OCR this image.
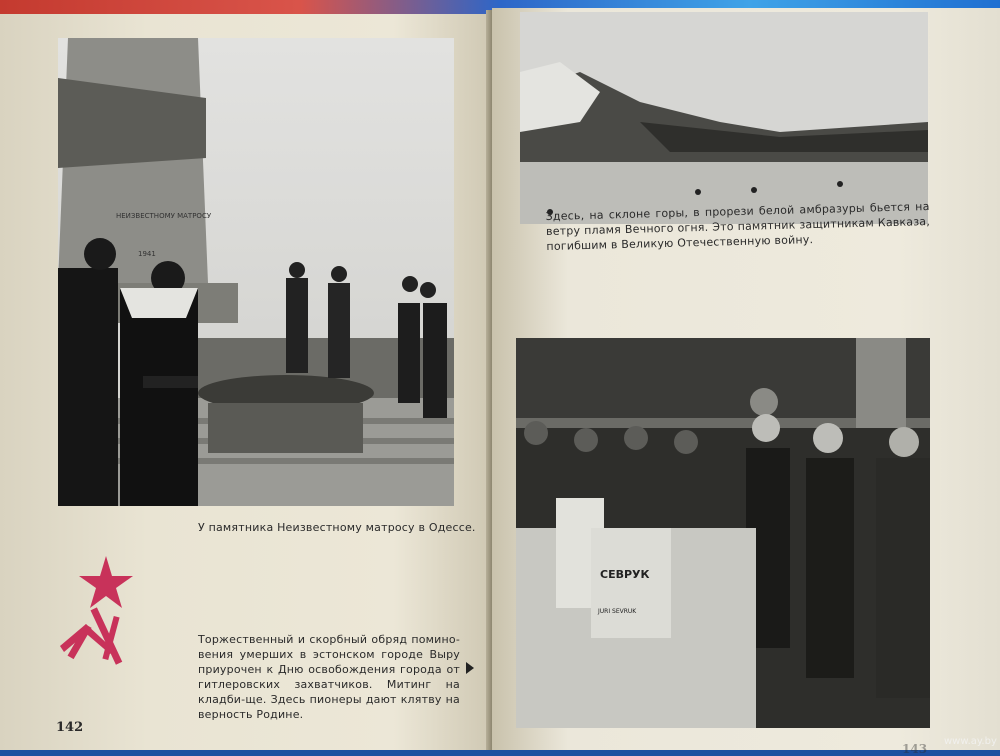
НЕИЗВЕСТНОМУ МАТРОСУ
1941
У памятника Неизвестному матросу в Одессе.
Торжественный и скорбный обряд помино-вения умерших в эстонском городе Выру приурочен к Дню освобождения города от гитлеровских захватчиков. Митинг на кладби-ще. Здесь пионеры дают клятву на верность Родине.
142
Здесь, на склоне горы, в прорези белой амбразуры бьется на ветру пламя Вечного огня. Это памятник защитникам Кавказа, погибшим в Великую Отечественную войну.
СЕВРУК
JURI SEVRUK
143
www.ay.by
